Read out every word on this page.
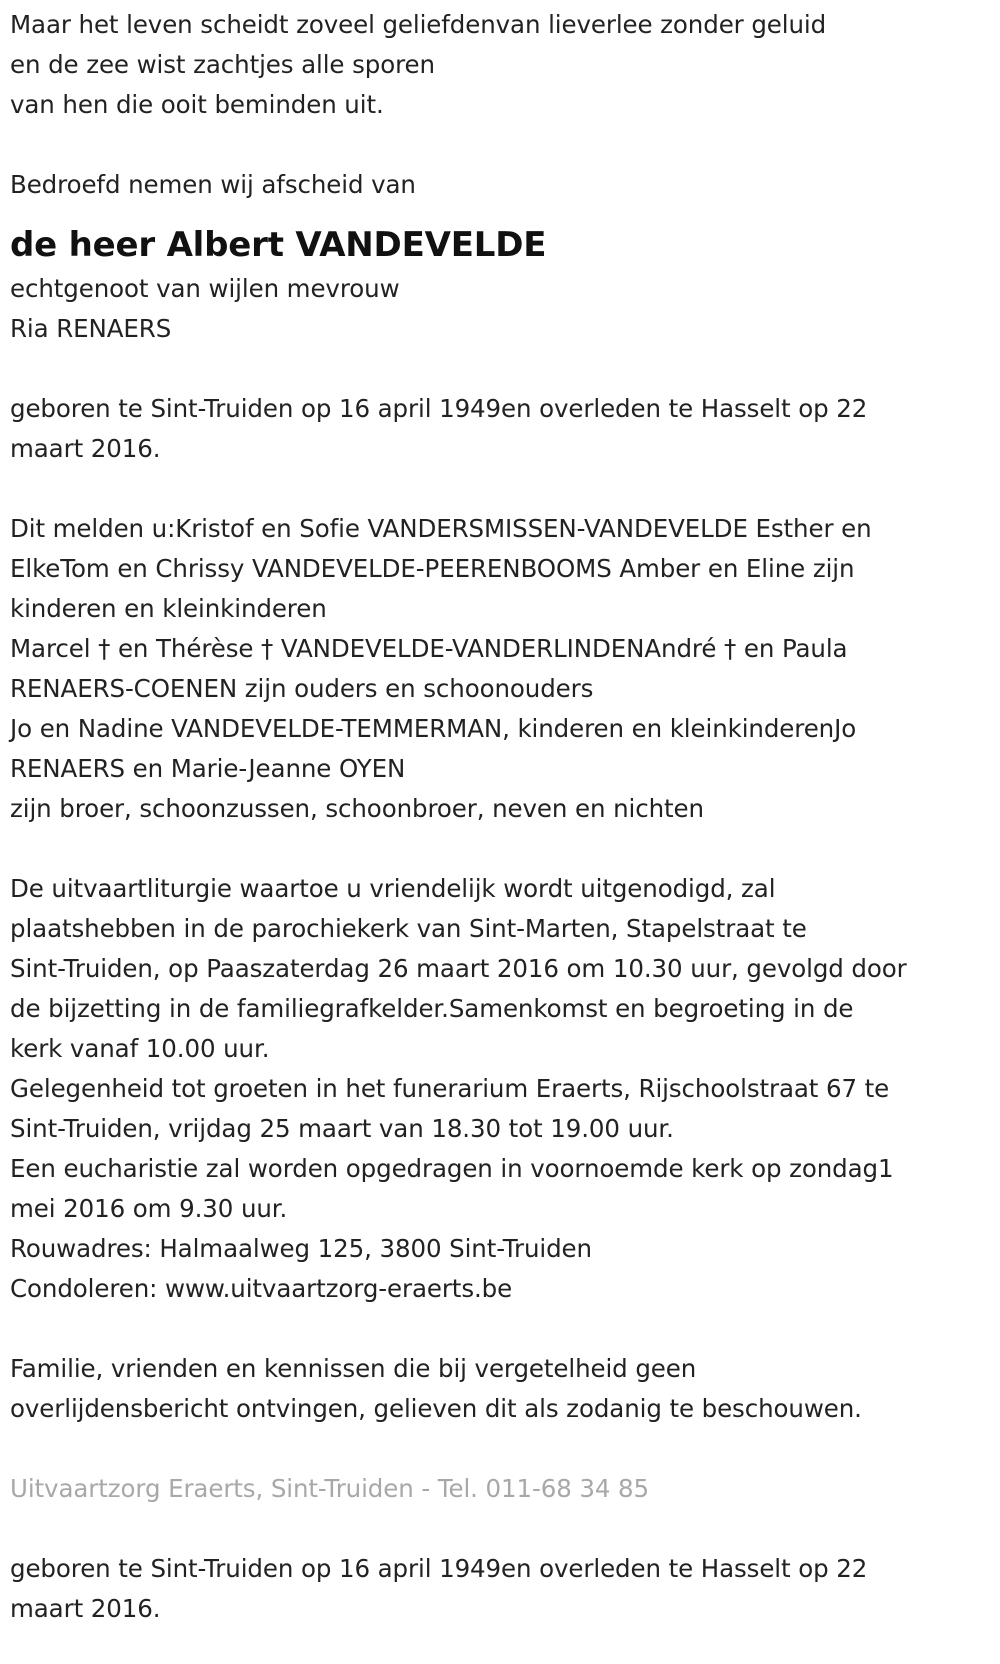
Maar het leven scheidt zoveel geliefdenvan lieverlee zonder geluid
en de zee wist zachtjes alle sporen
van hen die ooit beminden uit.
Bedroefd nemen wij afscheid van
de heer Albert VANDEVELDE
echtgenoot van wijlen mevrouw
Ria RENAERS
geboren te Sint-Truiden op 16 april 1949en overleden te Hasselt op 22
maart 2016.
Dit melden u:Kristof en Sofie VANDERSMISSEN-VANDEVELDE Esther en
ElkeTom en Chrissy VANDEVELDE-PEERENBOOMS Amber en Eline zijn
kinderen en kleinkinderen
Marcel † en Thérèse † VANDEVELDE-VANDERLINDENAndré † en Paula
RENAERS-COENEN zijn ouders en schoonouders
Jo en Nadine VANDEVELDE-TEMMERMAN, kinderen en kleinkinderenJo
RENAERS en Marie-Jeanne OYEN
zijn broer, schoonzussen, schoonbroer, neven en nichten
De uitvaartliturgie waartoe u vriendelijk wordt uitgenodigd, zal
plaatshebben in de parochiekerk van Sint-Marten, Stapelstraat te
Sint-Truiden, op Paaszaterdag 26 maart 2016 om 10.30 uur, gevolgd door
de bijzetting in de familiegrafkelder.Samenkomst en begroeting in de
kerk vanaf 10.00 uur.
Gelegenheid tot groeten in het funerarium Eraerts, Rijschoolstraat 67 te
Sint-Truiden, vrijdag 25 maart van 18.30 tot 19.00 uur.
Een eucharistie zal worden opgedragen in voornoemde kerk op zondag1
mei 2016 om 9.30 uur.
Rouwadres: Halmaalweg 125, 3800 Sint-Truiden
Condoleren: www.uitvaartzorg-eraerts.be
Familie, vrienden en kennissen die bij vergetelheid geen
overlijdensbericht ontvingen, gelieven dit als zodanig te beschouwen.
Uitvaartzorg Eraerts, Sint-Truiden - Tel. 011-68 34 85
geboren te Sint-Truiden op 16 april 1949en overleden te Hasselt op 22
maart 2016.
